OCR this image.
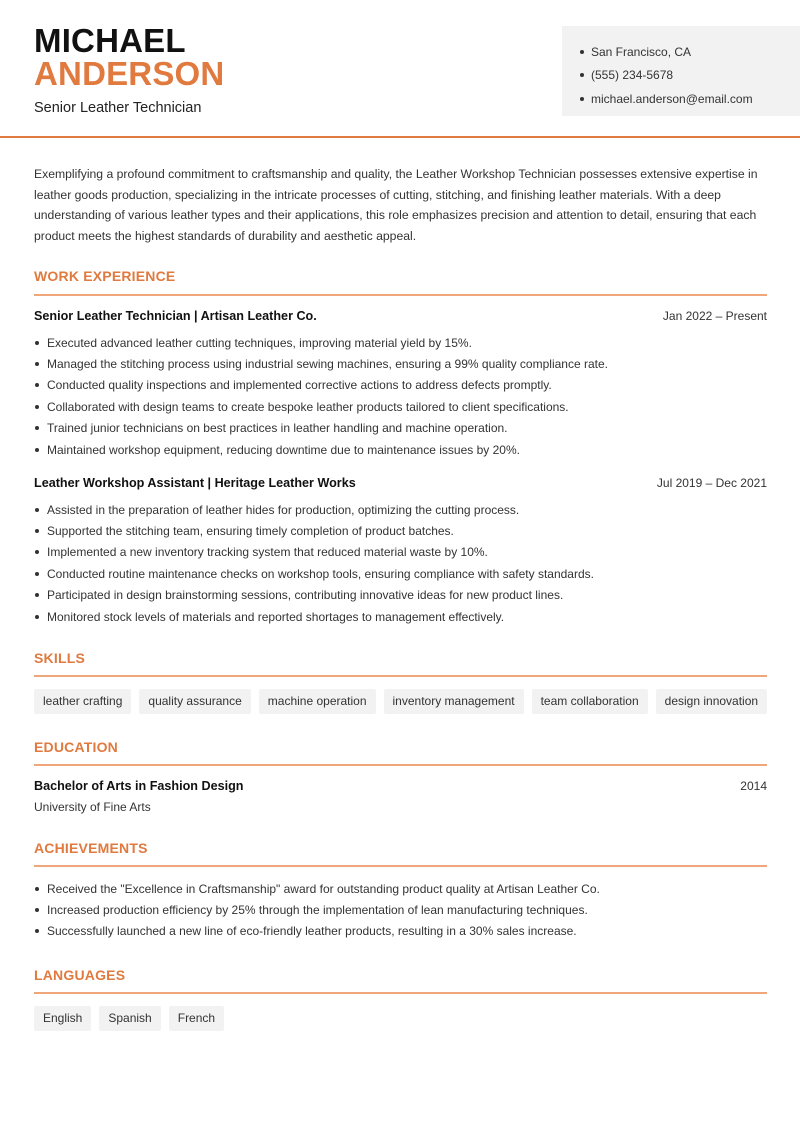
MICHAEL
ANDERSON
Senior Leather Technician
San Francisco, CA
(555) 234-5678
michael.anderson@email.com

Exemplifying a profound commitment to craftsmanship and quality, the Leather Workshop Technician possesses extensive expertise in leather goods production, specializing in the intricate processes of cutting, stitching, and finishing leather materials. With a deep understanding of various leather types and their applications, this role emphasizes precision and attention to detail, ensuring that each product meets the highest standards of durability and aesthetic appeal.

WORK EXPERIENCE
Senior Leather Technician | Artisan Leather Co.	Jan 2022 – Present
Executed advanced leather cutting techniques, improving material yield by 15%.
Managed the stitching process using industrial sewing machines, ensuring a 99% quality compliance rate.
Conducted quality inspections and implemented corrective actions to address defects promptly.
Collaborated with design teams to create bespoke leather products tailored to client specifications.
Trained junior technicians on best practices in leather handling and machine operation.
Maintained workshop equipment, reducing downtime due to maintenance issues by 20%.
Leather Workshop Assistant | Heritage Leather Works	Jul 2019 – Dec 2021
Assisted in the preparation of leather hides for production, optimizing the cutting process.
Supported the stitching team, ensuring timely completion of product batches.
Implemented a new inventory tracking system that reduced material waste by 10%.
Conducted routine maintenance checks on workshop tools, ensuring compliance with safety standards.
Participated in design brainstorming sessions, contributing innovative ideas for new product lines.
Monitored stock levels of materials and reported shortages to management effectively.
SKILLS
leather crafting	quality assurance	machine operation	inventory management	team collaboration	design innovation
EDUCATION
Bachelor of Arts in Fashion Design	2014
University of Fine Arts
ACHIEVEMENTS
Received the "Excellence in Craftsmanship" award for outstanding product quality at Artisan Leather Co.
Increased production efficiency by 25% through the implementation of lean manufacturing techniques.
Successfully launched a new line of eco-friendly leather products, resulting in a 30% sales increase.
LANGUAGES
English	Spanish	French
